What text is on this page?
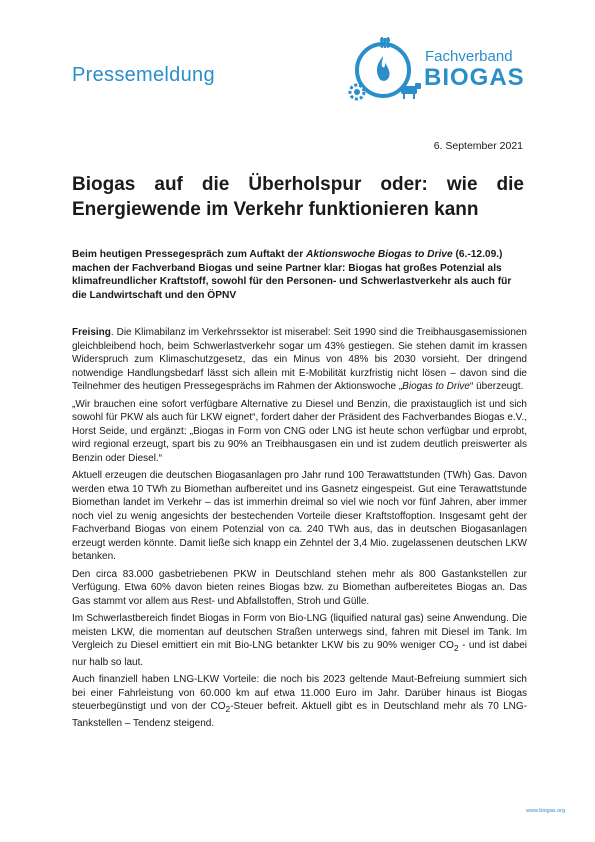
Pressemeldung
Fachverband
BIOGAS
6. September 2021
Biogas auf die Überholspur oder: wie die
Energiewende im Verkehr funktionieren kann
Beim heutigen Pressegespräch zum Auftakt der Aktionswoche Biogas to Drive (6.-12.09.) machen der Fachverband Biogas und seine Partner klar: Biogas hat großes Potenzial als klimafreundlicher Kraftstoff, sowohl für den Personen- und Schwerlastverkehr als auch für die Landwirtschaft und den ÖPNV

Freising. Die Klimabilanz im Verkehrssektor ist miserabel: Seit 1990 sind die Treibhausgasemissionen gleichbleibend hoch, beim Schwerlastverkehr sogar um 43% gestiegen. Sie stehen damit im krassen Widerspruch zum Klimaschutzgesetz, das ein Minus von 48% bis 2030 vorsieht. Der dringend notwendige Handlungsbedarf lässt sich allein mit E-Mobilität kurzfristig nicht lösen – davon sind die Teilnehmer des heutigen Pressegesprächs im Rahmen der Aktionswoche „Biogas to Drive“ überzeugt.

„Wir brauchen eine sofort verfügbare Alternative zu Diesel und Benzin, die praxistauglich ist und sich sowohl für PKW als auch für LKW eignet“, fordert daher der Präsident des Fachverbandes Biogas e.V., Horst Seide, und ergänzt: „Biogas in Form von CNG oder LNG ist heute schon verfügbar und erprobt, wird regional erzeugt, spart bis zu 90% an Treibhausgasen ein und ist zudem deutlich preiswerter als Benzin oder Diesel.“

Aktuell erzeugen die deutschen Biogasanlagen pro Jahr rund 100 Terawattstunden (TWh) Gas. Davon werden etwa 10 TWh zu Biomethan aufbereitet und ins Gasnetz eingespeist. Gut eine Terawattstunde Biomethan landet im Verkehr – das ist immerhin dreimal so viel wie noch vor fünf Jahren, aber immer noch viel zu wenig angesichts der bestechenden Vorteile dieser Kraftstoffoption. Insgesamt geht der Fachverband Biogas von einem Potenzial von ca. 240 TWh aus, das in deutschen Biogasanlagen erzeugt werden könnte. Damit ließe sich knapp ein Zehntel der 3,4 Mio. zugelassenen deutschen LKW betanken.

Den circa 83.000 gasbetriebenen PKW in Deutschland stehen mehr als 800 Gastankstellen zur Verfügung. Etwa 60% davon bieten reines Biogas bzw. zu Biomethan aufbereitetes Biogas an. Das Gas stammt vor allem aus Rest- und Abfallstoffen, Stroh und Gülle.

Im Schwerlastbereich findet Biogas in Form von Bio-LNG (liquified natural gas) seine Anwendung. Die meisten LKW, die momentan auf deutschen Straßen unterwegs sind, fahren mit Diesel im Tank. Im Vergleich zu Diesel emittiert ein mit Bio-LNG betankter LKW bis zu 90% weniger $CO_2$ - und ist dabei nur halb so laut.

Auch finanziell haben LNG-LKW Vorteile: die noch bis 2023 geltende Maut-Befreiung summiert sich bei einer Fahrleistung von 60.000 km auf etwa 11.000 Euro im Jahr. Darüber hinaus ist Biogas steuerbegünstigt und von der $CO_2$-Steuer befreit. Aktuell gibt es in Deutschland mehr als 70 LNG-Tankstellen – Tendenz steigend.

www.biogas.org
